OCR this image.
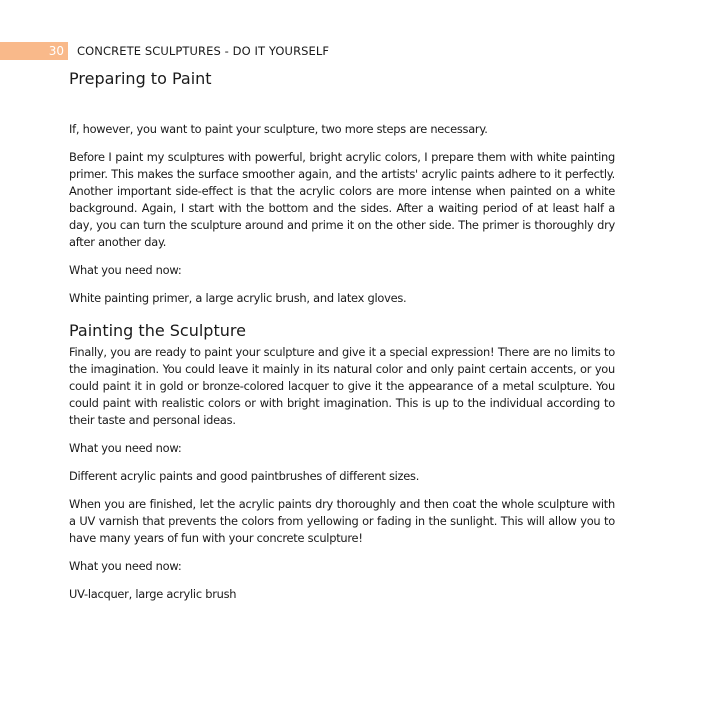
30 CONCRETE SCULPTURES - DO IT YOURSELF
Preparing to Paint

If, however, you want to paint your sculpture, two more steps are necessary.

Before I paint my sculptures with powerful, bright acrylic colors, I prepare them with white painting primer. This makes the surface smoother again, and the artists' acrylic paints adhere to it perfectly. Another important side-effect is that the acrylic colors are more intense when painted on a white background. Again, I start with the bottom and the sides. After a waiting period of at least half a day, you can turn the sculpture around and prime it on the other side. The primer is thoroughly dry after another day.

What you need now:

White painting primer, a large acrylic brush, and latex gloves.

Painting the Sculpture

Finally, you are ready to paint your sculpture and give it a special expression! There are no limits to the imagination. You could leave it mainly in its natural color and only paint certain accents, or you could paint it in gold or bronze-colored lacquer to give it the appearance of a metal sculpture. You could paint with realistic colors or with bright imagination. This is up to the individual according to their taste and personal ideas.

What you need now:

Different acrylic paints and good paintbrushes of different sizes.

When you are finished, let the acrylic paints dry thoroughly and then coat the whole sculpture with a UV varnish that prevents the colors from yellowing or fading in the sunlight. This will allow you to have many years of fun with your concrete sculpture!

What you need now:

UV-lacquer, large acrylic brush
